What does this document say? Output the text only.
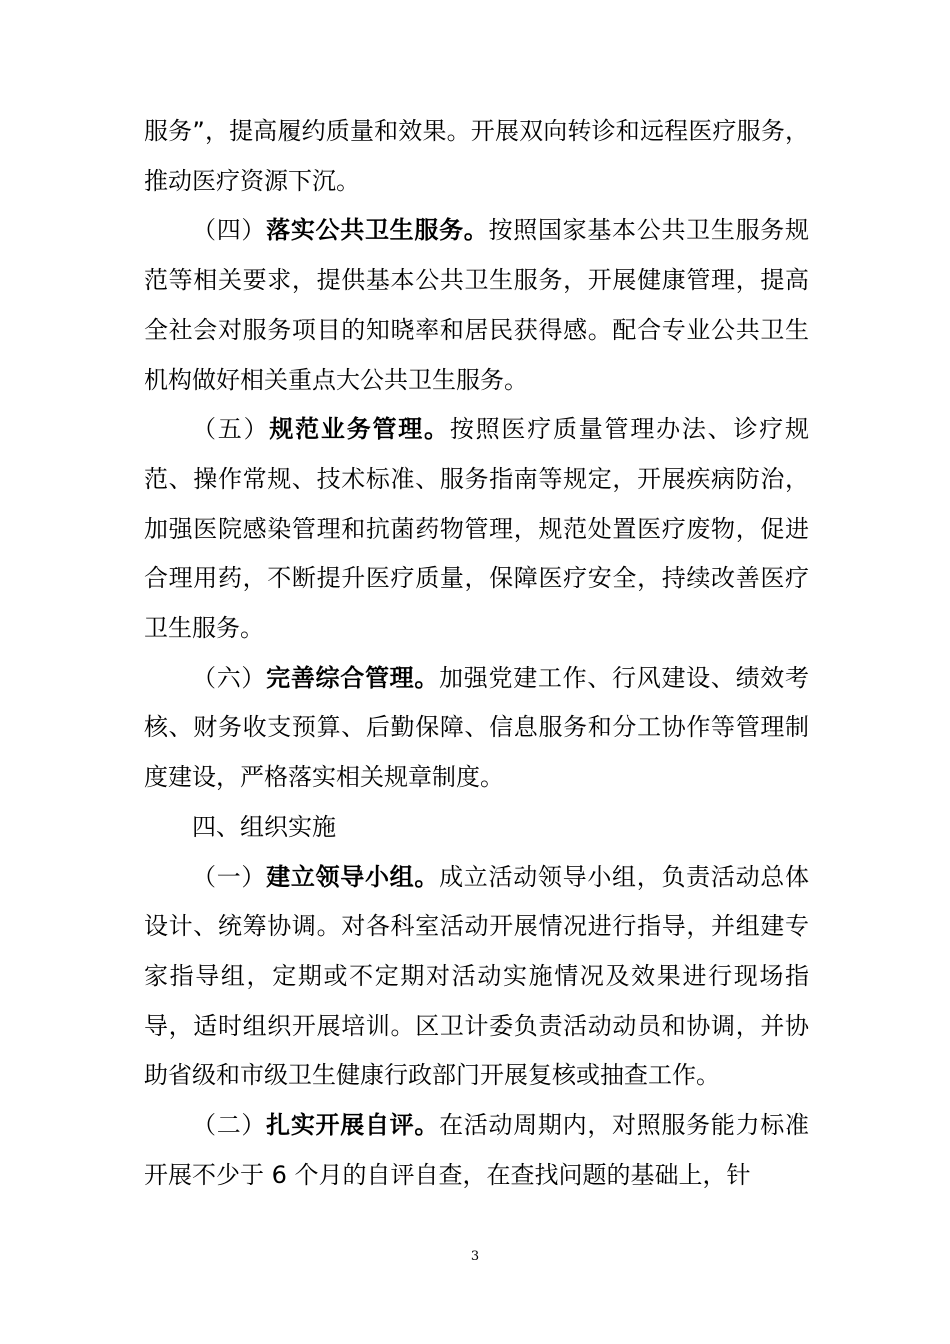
服务”，提高履约质量和效果。开展双向转诊和远程医疗服务，推动医疗资源下沉。

（四）落实公共卫生服务。按照国家基本公共卫生服务规范等相关要求，提供基本公共卫生服务，开展健康管理，提高全社会对服务项目的知晓率和居民获得感。配合专业公共卫生机构做好相关重点大公共卫生服务。

（五）规范业务管理。按照医疗质量管理办法、诊疗规范、操作常规、技术标准、服务指南等规定，开展疾病防治，加强医院感染管理和抗菌药物管理，规范处置医疗废物，促进合理用药，不断提升医疗质量，保障医疗安全，持续改善医疗卫生服务。

（六）完善综合管理。加强党建工作、行风建设、绩效考核、财务收支预算、后勤保障、信息服务和分工协作等管理制度建设，严格落实相关规章制度。

四、组织实施

（一）建立领导小组。成立活动领导小组，负责活动总体设计、统筹协调。对各科室活动开展情况进行指导，并组建专家指导组，定期或不定期对活动实施情况及效果进行现场指导，适时组织开展培训。区卫计委负责活动动员和协调，并协助省级和市级卫生健康行政部门开展复核或抽查工作。

（二）扎实开展自评。在活动周期内，对照服务能力标准开展不少于 6 个月的自评自查，在查找问题的基础上，针

3
